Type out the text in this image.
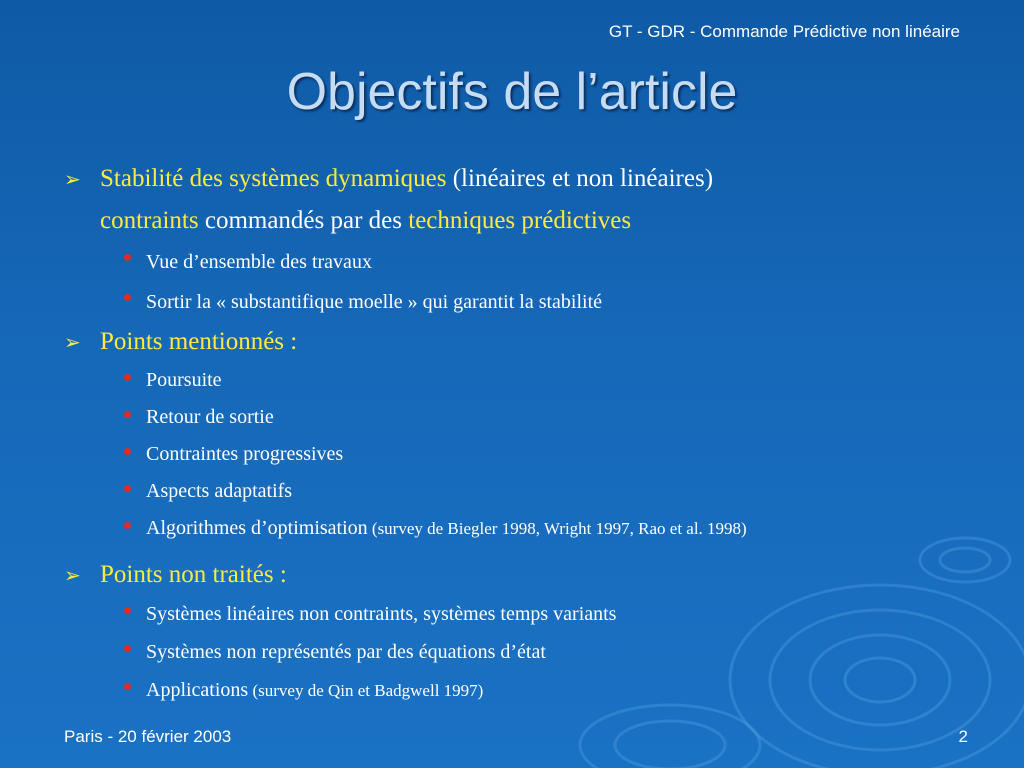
GT - GDR - Commande Prédictive non linéaire
Objectifs de l’article
➢ Stabilité des systèmes dynamiques (linéaires et non linéaires)
contraints commandés par des techniques prédictives
Vue d’ensemble des travaux
Sortir la « substantifique moelle » qui garantit la stabilité
➢ Points mentionnés :
Poursuite
Retour de sortie
Contraintes progressives
Aspects adaptatifs
Algorithmes d’optimisation (survey de Biegler 1998, Wright 1997, Rao et al. 1998)
➢ Points non traités :
Systèmes linéaires non contraints, systèmes temps variants
Systèmes non représentés par des équations d’état
Applications (survey de Qin et Badgwell 1997)
Paris - 20 février 2003	2
